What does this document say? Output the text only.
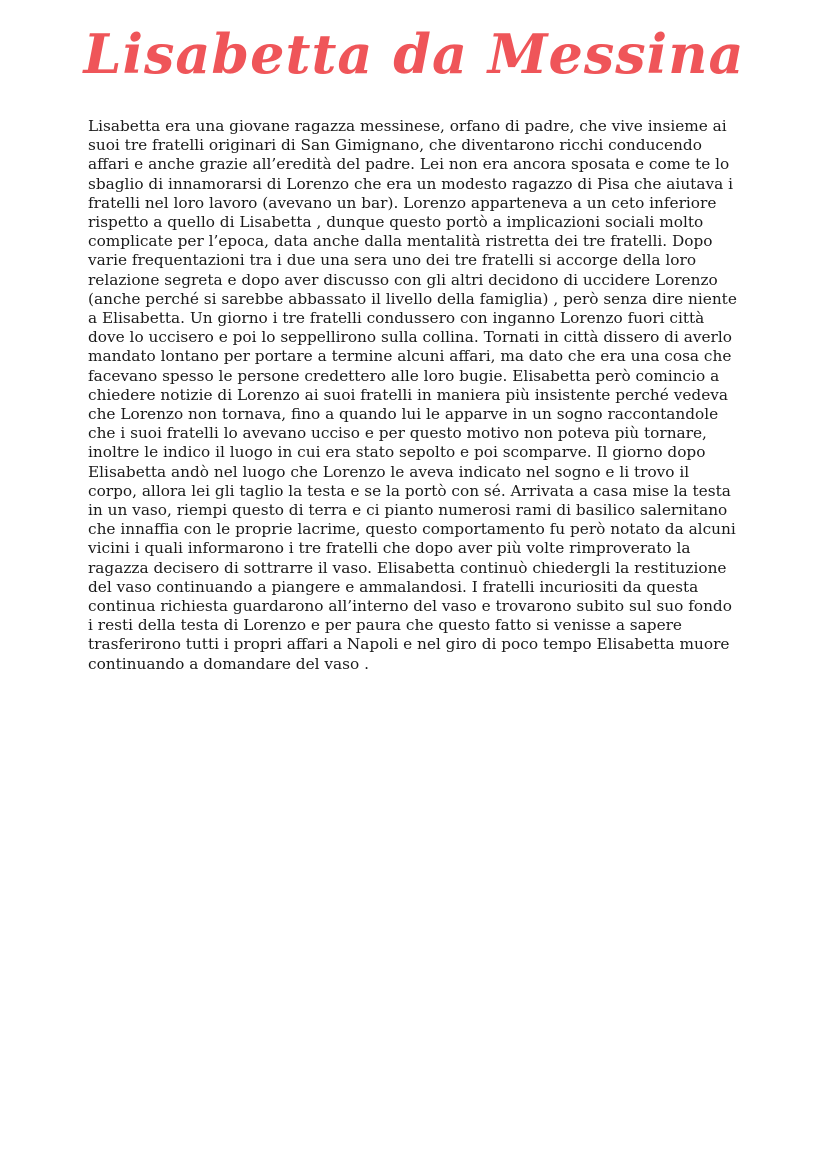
Lisabetta da Messina

Lisabetta era una giovane ragazza messinese, orfano di padre, che vive insieme ai suoi tre fratelli originari di San Gimignano, che diventarono ricchi conducendo affari e anche grazie all’eredità del padre. Lei non era ancora sposata e come te lo sbaglio di innamorarsi di Lorenzo che era un modesto ragazzo di Pisa che aiutava i fratelli nel loro lavoro (avevano un bar). Lorenzo apparteneva a un ceto inferiore rispetto a quello di Lisabetta , dunque questo portò a implicazioni sociali molto complicate per l’epoca, data anche dalla mentalità ristretta dei tre fratelli. Dopo varie frequentazioni tra i due una sera uno dei tre fratelli si accorge della loro relazione segreta e dopo aver discusso con gli altri decidono di uccidere Lorenzo (anche perché si sarebbe abbassato il livello della famiglia) , però senza dire niente a Elisabetta. Un giorno i tre fratelli condussero con inganno Lorenzo fuori città dove lo uccisero e poi lo seppellirono sulla collina. Tornati in città dissero di averlo mandato lontano per portare a termine alcuni affari, ma dato che era una cosa che facevano spesso le persone credettero alle loro bugie. Elisabetta però comincio a chiedere notizie di Lorenzo ai suoi fratelli in maniera più insistente perché vedeva che Lorenzo non tornava, fino a quando lui le apparve in un sogno raccontandole che i suoi fratelli lo avevano ucciso e per questo motivo non poteva più tornare, inoltre le indico il luogo in cui era stato sepolto e poi scomparve. Il giorno dopo Elisabetta andò nel luogo che Lorenzo le aveva indicato nel sogno e li trovo il corpo, allora lei gli taglio la testa e se la portò con sé. Arrivata a casa mise la testa in un vaso, riempi questo di terra e ci pianto numerosi rami di basilico salernitano che innaffia con le proprie lacrime, questo comportamento fu però notato da alcuni vicini i quali informarono i tre fratelli che dopo aver più volte rimproverato la ragazza decisero di sottrarre il vaso. Elisabetta continuò chiedergli la restituzione del vaso continuando a piangere e ammalandosi. I fratelli incuriositi da questa continua richiesta guardarono all’interno del vaso e trovarono subito sul suo fondo i resti della testa di Lorenzo e per paura che questo fatto si venisse a sapere trasferirono tutti i propri affari a Napoli e nel giro di poco tempo Elisabetta muore continuando a domandare del vaso .
